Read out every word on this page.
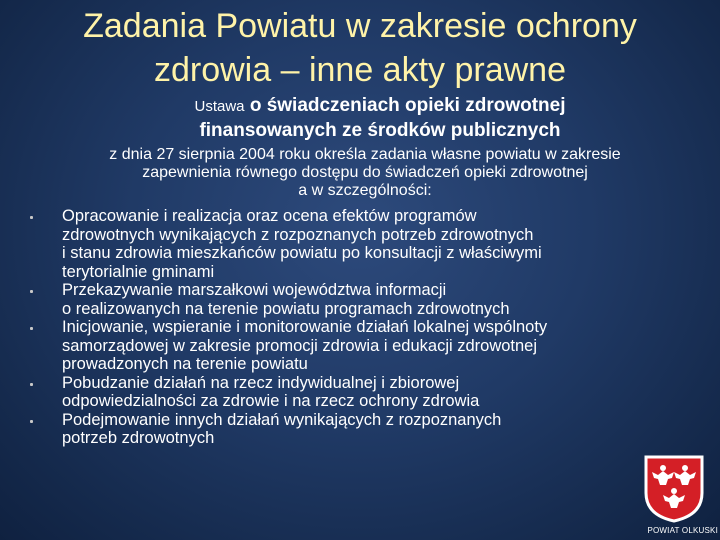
Zadania Powiatu w zakresie ochrony
zdrowia – inne akty prawne
Ustawa o świadczeniach opieki zdrowotnej
finansowanych ze środków publicznych
z dnia 27 sierpnia 2004 roku określa zadania własne powiatu w zakresie
zapewnienia równego dostępu do świadczeń opieki zdrowotnej
a w szczególności:
Opracowanie i realizacja oraz ocena efektów programów
zdrowotnych wynikających z rozpoznanych potrzeb zdrowotnych
i stanu zdrowia mieszkańców powiatu po konsultacji z właściwymi
terytorialnie gminami
Przekazywanie marszałkowi województwa informacji
o realizowanych na terenie powiatu programach zdrowotnych
Inicjowanie, wspieranie i monitorowanie działań lokalnej wspólnoty
samorządowej w zakresie promocji zdrowia i edukacji zdrowotnej
prowadzonych na terenie powiatu
Pobudzanie działań na rzecz indywidualnej i zbiorowej
odpowiedzialności za zdrowie i na rzecz ochrony zdrowia
Podejmowanie innych działań wynikających z rozpoznanych
potrzeb zdrowotnych
POWIAT OLKUSKI
